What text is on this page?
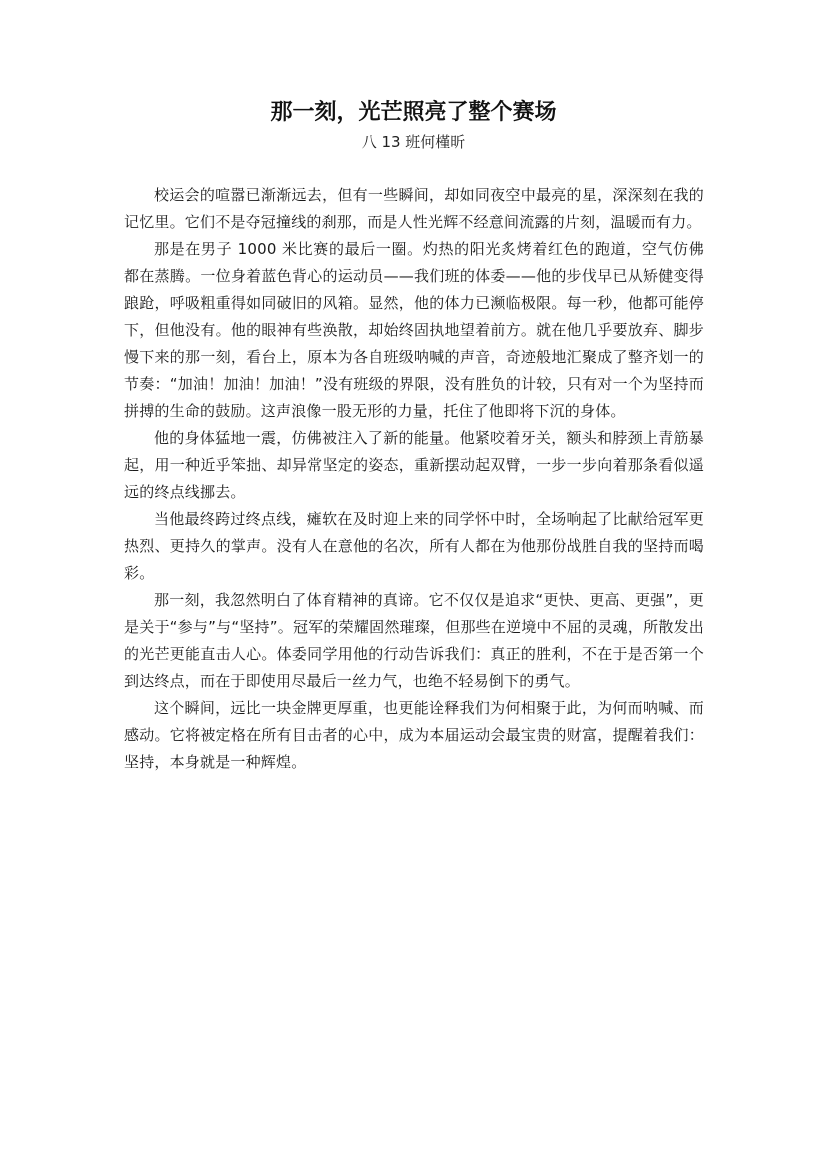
那一刻，光芒照亮了整个赛场
八 13 班何槿昕

校运会的喧嚣已渐渐远去，但有一些瞬间，却如同夜空中最亮的星，深深刻在我的记忆里。它们不是夺冠撞线的刹那，而是人性光辉不经意间流露的片刻，温暖而有力。

那是在男子 1000 米比赛的最后一圈。灼热的阳光炙烤着红色的跑道，空气仿佛都在蒸腾。一位身着蓝色背心的运动员——我们班的体委——他的步伐早已从矫健变得踉跄，呼吸粗重得如同破旧的风箱。显然，他的体力已濒临极限。每一秒，他都可能停下，但他没有。他的眼神有些涣散，却始终固执地望着前方。就在他几乎要放弃、脚步慢下来的那一刻，看台上，原本为各自班级呐喊的声音，奇迹般地汇聚成了整齐划一的节奏：“加油！加油！加油！”没有班级的界限，没有胜负的计较，只有对一个为坚持而拼搏的生命的鼓励。这声浪像一股无形的力量，托住了他即将下沉的身体。

他的身体猛地一震，仿佛被注入了新的能量。他紧咬着牙关，额头和脖颈上青筋暴起，用一种近乎笨拙、却异常坚定的姿态，重新摆动起双臂，一步一步向着那条看似遥远的终点线挪去。

当他最终跨过终点线，瘫软在及时迎上来的同学怀中时，全场响起了比献给冠军更热烈、更持久的掌声。没有人在意他的名次，所有人都在为他那份战胜自我的坚持而喝彩。

那一刻，我忽然明白了体育精神的真谛。它不仅仅是追求“更快、更高、更强”，更是关于“参与”与“坚持”。冠军的荣耀固然璀璨，但那些在逆境中不屈的灵魂，所散发出的光芒更能直击人心。体委同学用他的行动告诉我们：真正的胜利，不在于是否第一个到达终点，而在于即使用尽最后一丝力气，也绝不轻易倒下的勇气。

这个瞬间，远比一块金牌更厚重，也更能诠释我们为何相聚于此，为何而呐喊、而感动。它将被定格在所有目击者的心中，成为本届运动会最宝贵的财富，提醒着我们：坚持，本身就是一种辉煌。
